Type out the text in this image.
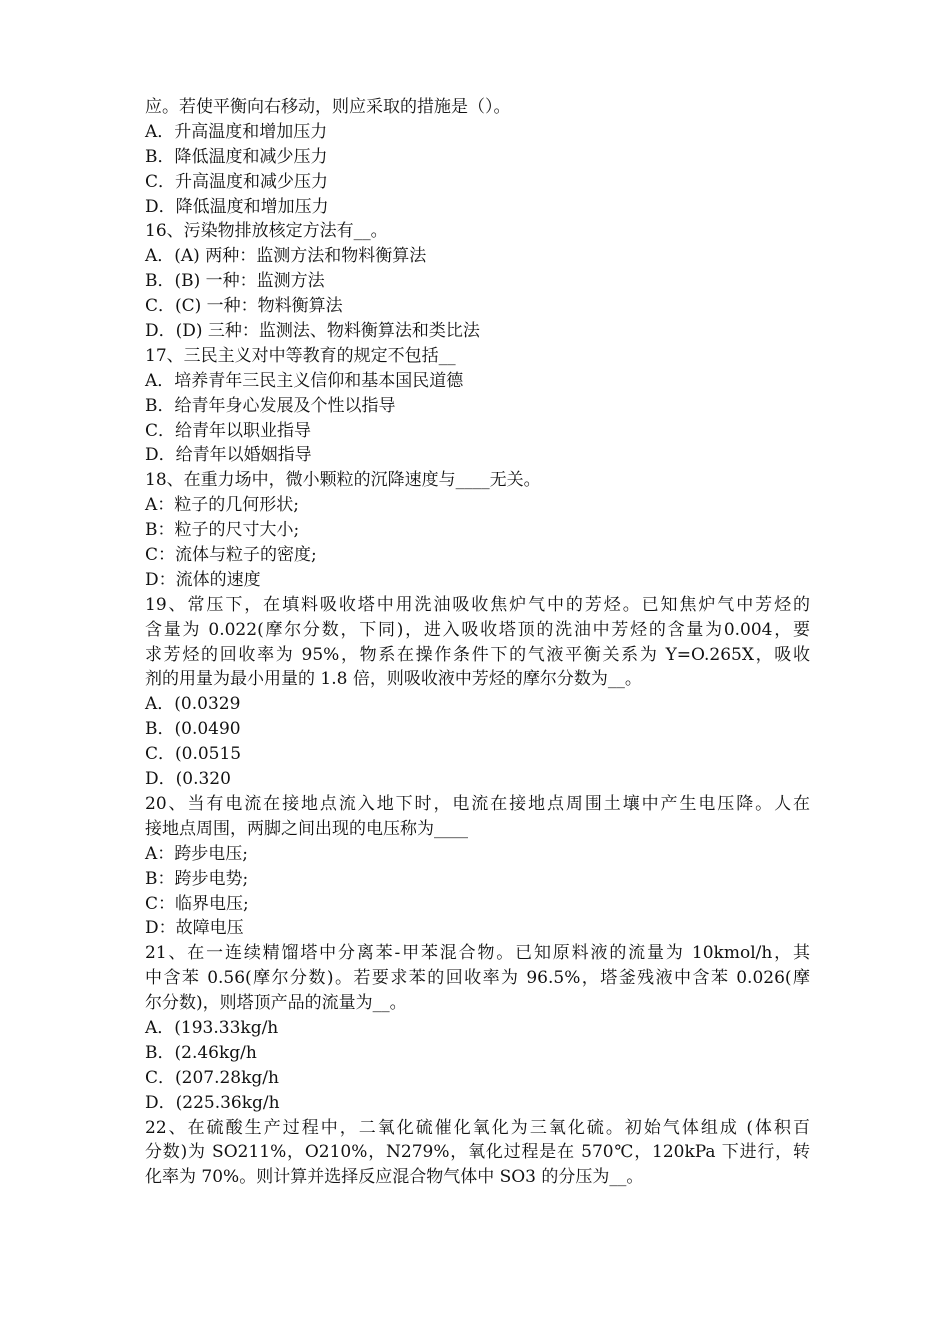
应。若使平衡向右移动，则应采取的措施是（）。
A．升高温度和增加压力
B．降低温度和减少压力
C．升高温度和减少压力
D．降低温度和增加压力
16、污染物排放核定方法有__。
A．(A) 两种：监测方法和物料衡算法
B．(B) 一种：监测方法
C．(C) 一种：物料衡算法
D．(D) 三种：监测法、物料衡算法和类比法
17、三民主义对中等教育的规定不包括__
A．培养青年三民主义信仰和基本国民道德
B．给青年身心发展及个性以指导
C．给青年以职业指导
D．给青年以婚姻指导
18、在重力场中，微小颗粒的沉降速度与____无关。
A：粒子的几何形状;
B：粒子的尺寸大小;
C：流体与粒子的密度;
D：流体的速度
19、常压下，在填料吸收塔中用洗油吸收焦炉气中的芳烃。已知焦炉气中芳烃的
含量为 0.022(摩尔分数，下同)，进入吸收塔顶的洗油中芳烃的含量为0.004，要
求芳烃的回收率为 95%，物系在操作条件下的气液平衡关系为 Y=O.265X，吸收
剂的用量为最小用量的 1.8 倍，则吸收液中芳烃的摩尔分数为__。
A．(0.0329
B．(0.0490
C．(0.0515
D．(0.320
20、当有电流在接地点流入地下时，电流在接地点周围土壤中产生电压降。人在
接地点周围，两脚之间出现的电压称为____
A：跨步电压;
B：跨步电势;
C：临界电压;
D：故障电压
21、在一连续精馏塔中分离苯-甲苯混合物。已知原料液的流量为 10kmol/h，其
中含苯 0.56(摩尔分数)。若要求苯的回收率为 96.5%，塔釜残液中含苯 0.026(摩
尔分数)，则塔顶产品的流量为__。
A．(193.33kg/h
B．(2.46kg/h
C．(207.28kg/h
D．(225.36kg/h
22、在硫酸生产过程中，二氧化硫催化氧化为三氧化硫。初始气体组成 (体积百
分数)为 SO211%，O210%，N279%，氧化过程是在 570℃，120kPa 下进行，转
化率为 70%。则计算并选择反应混合物气体中 SO3 的分压为__。
